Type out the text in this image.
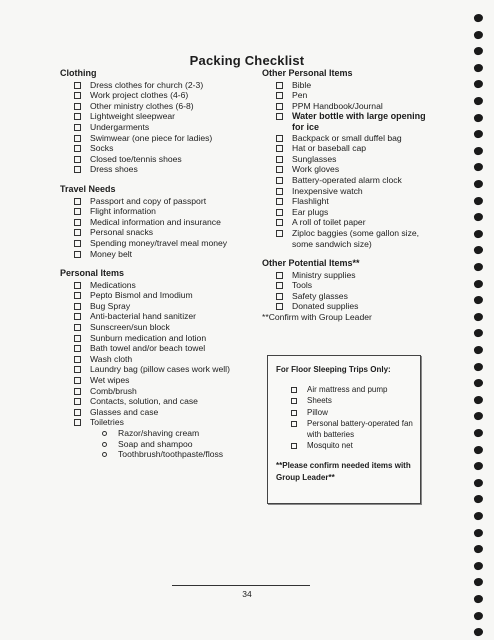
Packing Checklist
Clothing
Dress clothes for church (2-3)
Work project clothes (4-6)
Other ministry clothes (6-8)
Lightweight sleepwear
Undergarments
Swimwear (one piece for ladies)
Socks
Closed toe/tennis shoes
Dress shoes
Travel Needs
Passport and copy of passport
Flight information
Medical information and insurance
Personal snacks
Spending money/travel meal money
Money belt
Personal Items
Medications
Pepto Bismol and Imodium
Bug Spray
Anti-bacterial hand sanitizer
Sunscreen/sun block
Sunburn medication and lotion
Bath towel and/or beach towel
Wash cloth
Laundry bag (pillow cases work well)
Wet wipes
Comb/brush
Contacts, solution, and case
Glasses and case
Toiletries
Razor/shaving cream
Soap and shampoo
Toothbrush/toothpaste/floss
Other Personal Items
Bible
Pen
PPM Handbook/Journal
Water bottle with large opening for ice
Backpack or small duffel bag
Hat or baseball cap
Sunglasses
Work gloves
Battery-operated alarm clock
Inexpensive watch
Flashlight
Ear plugs
A roll of toilet paper
Ziploc baggies (some gallon size, some sandwich size)
Other Potential Items**
Ministry supplies
Tools
Safety glasses
Donated supplies
**Confirm with Group Leader
For Floor Sleeping Trips Only:
Air mattress and pump
Sheets
Pillow
Personal battery-operated fan with batteries
Mosquito net
**Please confirm needed items with Group Leader**
34
